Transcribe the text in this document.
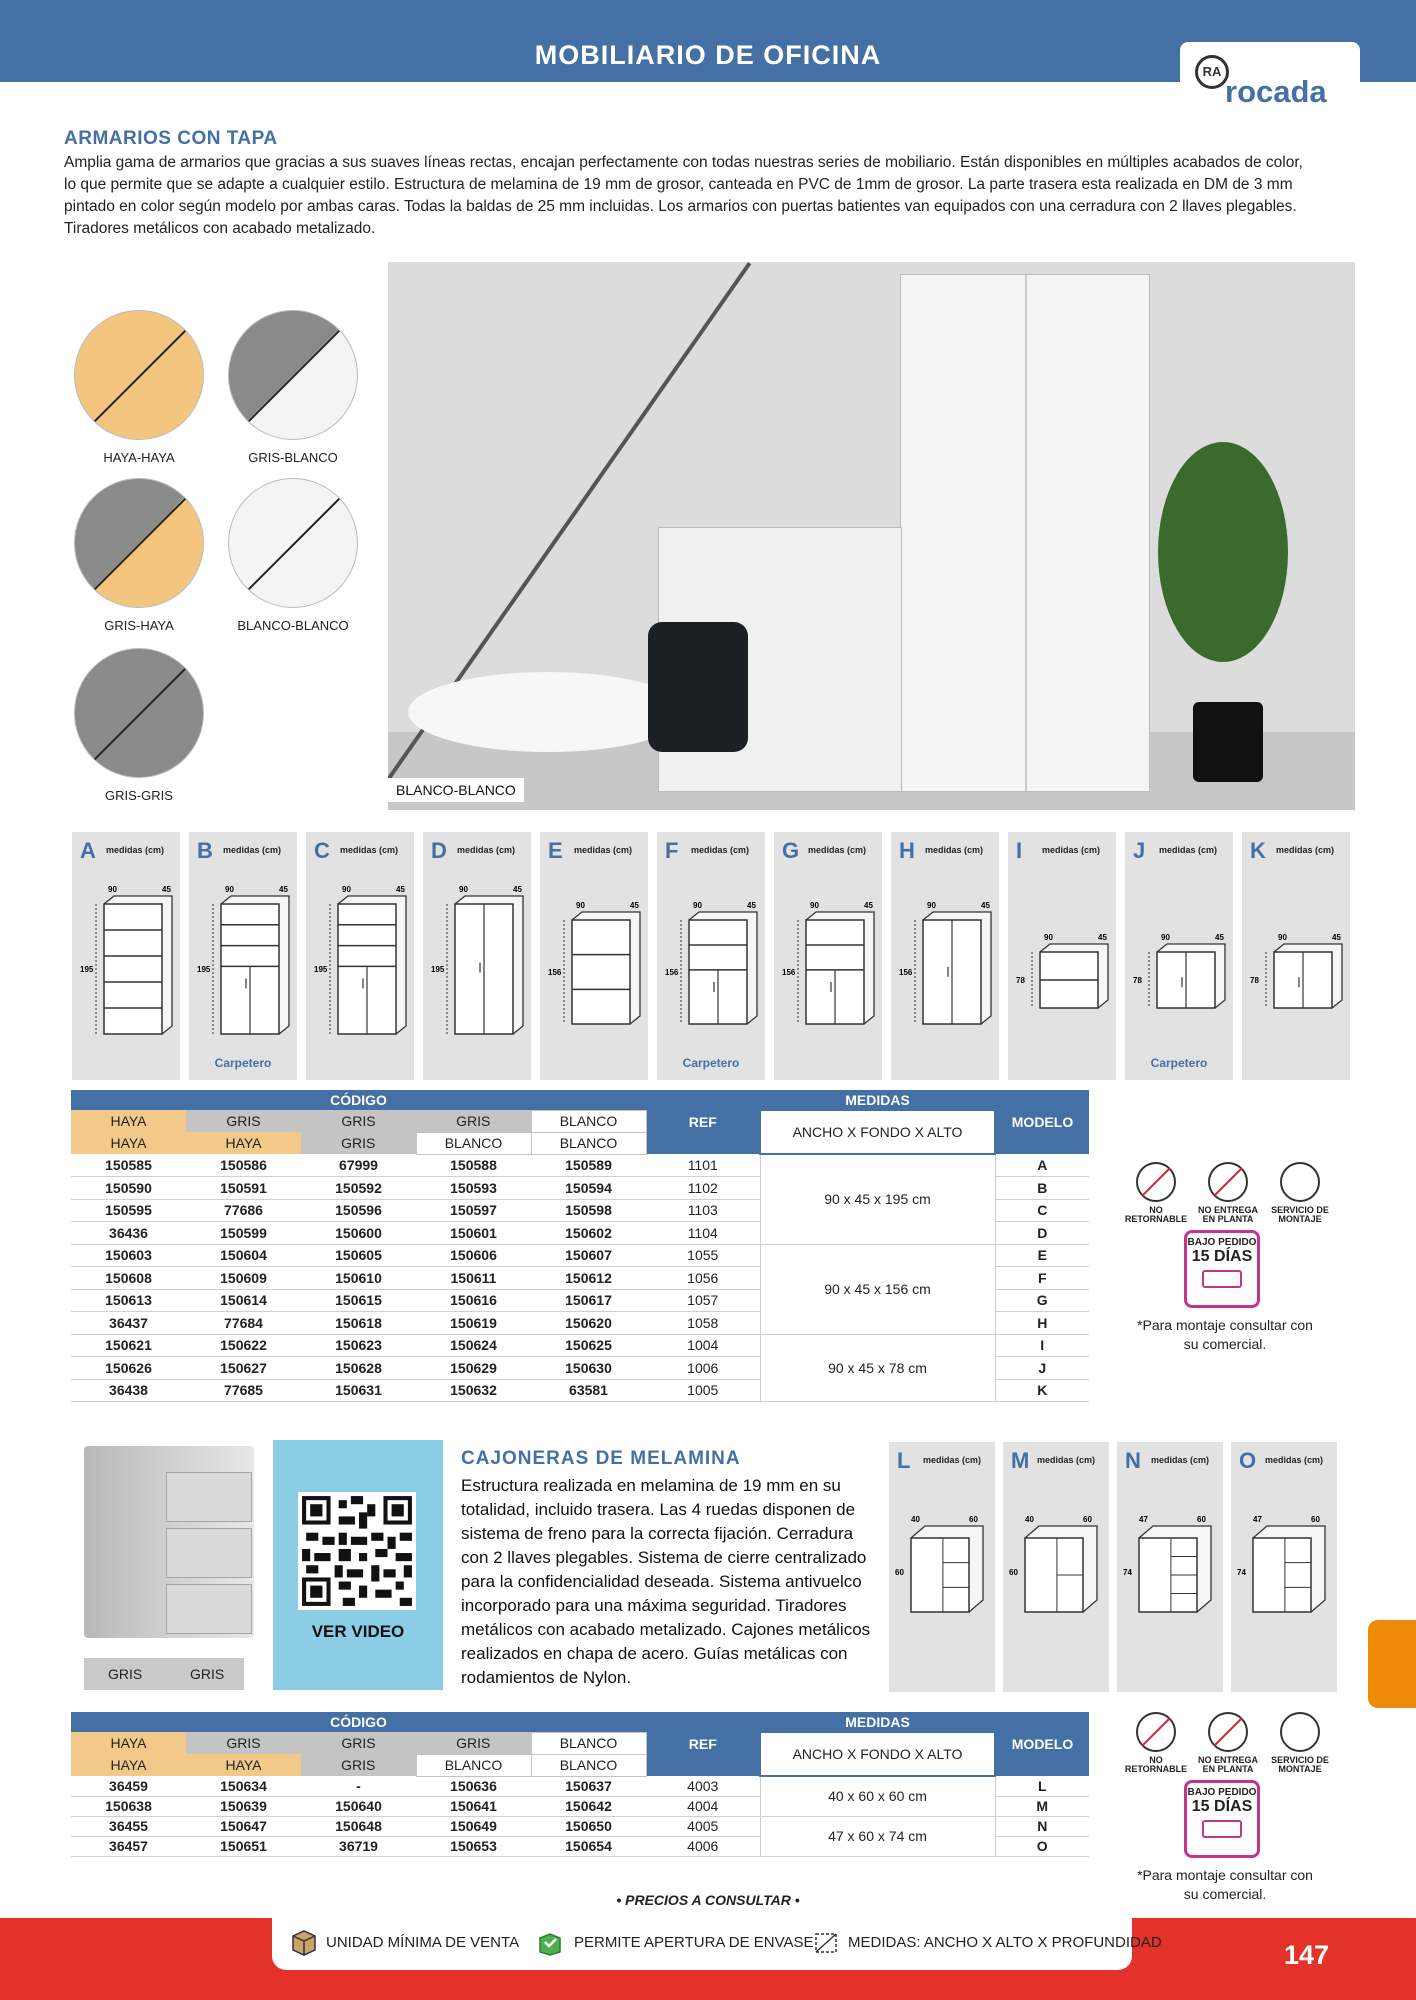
MOBILIARIO DE OFICINA
RA
rocada
ARMARIOS CON TAPA
Amplia gama de armarios que gracias a sus suaves líneas rectas, encajan perfectamente con todas nuestras series de mobiliario. Están disponibles en múltiples acabados de color, lo que permite que se adapte a cualquier estilo. Estructura de melamina de 19 mm de grosor, canteada en PVC de 1mm de grosor. La parte trasera esta realizada en DM de 3 mm pintado en color según modelo por ambas caras. Todas la baldas de 25 mm incluidas. Los armarios con puertas batientes van equipados con una cerradura con 2 llaves plegables. Tiradores metálicos con acabado metalizado.
HAYA-HAYA	GRIS-BLANCO
GRIS-HAYA	BLANCO-BLANCO
GRIS-GRIS	BLANCO-BLANCO
A medidas (cm)
90	45
195
B medidas (cm)
90	45
195
Carpetero
C medidas (cm)
90	45
195
D medidas (cm)
90	45
195
E medidas (cm)
90	45
156
F medidas (cm)
90	45
156
Carpetero
G medidas (cm)
90	45
156
H medidas (cm)
90	45
156
I medidas (cm)
90	45
78
J medidas (cm)
90	45
78
Carpetero
K medidas (cm)
90	45
78
CÓDIGO					REF	MEDIDAS	MODELO
HAYA	GRIS	GRIS	GRIS	BLANCO		ANCHO X FONDO X ALTO	
HAYA	HAYA	GRIS	BLANCO	BLANCO			
150585	150586	67999	150588	150589	1101	90 x 45 x 195 cm	A
150590	150591	150592	150593	150594	1102		B
150595	77686	150596	150597	150598	1103		C
36436	150599	150600	150601	150602	1104		D
150603	150604	150605	150606	150607	1055	90 x 45 x 156 cm	E
150608	150609	150610	150611	150612	1056		F
150613	150614	150615	150616	150617	1057		G
36437	77684	150618	150619	150620	1058		H
150621	150622	150623	150624	150625	1004	90 x 45 x 78 cm	I
150626	150627	150628	150629	150630	1006		J
36438	77685	150631	150632	63581	1005		K
NO RETORNABLE
NO ENTREGA EN PLANTA
SERVICIO DE MONTAJE
BAJO PEDIDO
15 DÍAS
*Para montaje consultar con su comercial.
GRIS	GRIS
VER VIDEO
CAJONERAS DE MELAMINA
Estructura realizada en melamina de 19 mm en su totalidad, incluido trasera. Las 4 ruedas disponen de sistema de freno para la correcta fijación. Cerradura con 2 llaves plegables. Sistema de cierre centralizado para la confidencialidad deseada. Sistema antivuelco incorporado para una máxima seguridad. Tiradores metálicos con acabado metalizado. Cajones metálicos realizados en chapa de acero. Guías metálicas con rodamientos de Nylon.
L medidas (cm)
40	60
60
M medidas (cm)
40	60
60
N medidas (cm)
47	60
74
O medidas (cm)
47	60
74
CÓDIGO					REF	MEDIDAS	MODELO
HAYA	GRIS	GRIS	GRIS	BLANCO		ANCHO X FONDO X ALTO	
HAYA	HAYA	GRIS	BLANCO	BLANCO			
36459	150634	-	150636	150637	4003	40 x 60 x 60 cm	L
150638	150639	150640	150641	150642	4004		M
36455	150647	150648	150649	150650	4005	47 x 60 x 74 cm	N
36457	150651	36719	150653	150654	4006		O
NO RETORNABLE
NO ENTREGA EN PLANTA
SERVICIO DE MONTAJE
BAJO PEDIDO
15 DÍAS
*Para montaje consultar con su comercial.
• PRECIOS A CONSULTAR •
UNIDAD MÍNIMA DE VENTA	PERMITE APERTURA DE ENVASE MEDIDAS: ANCHO X ALTO X PROFUNDIDAD	147
